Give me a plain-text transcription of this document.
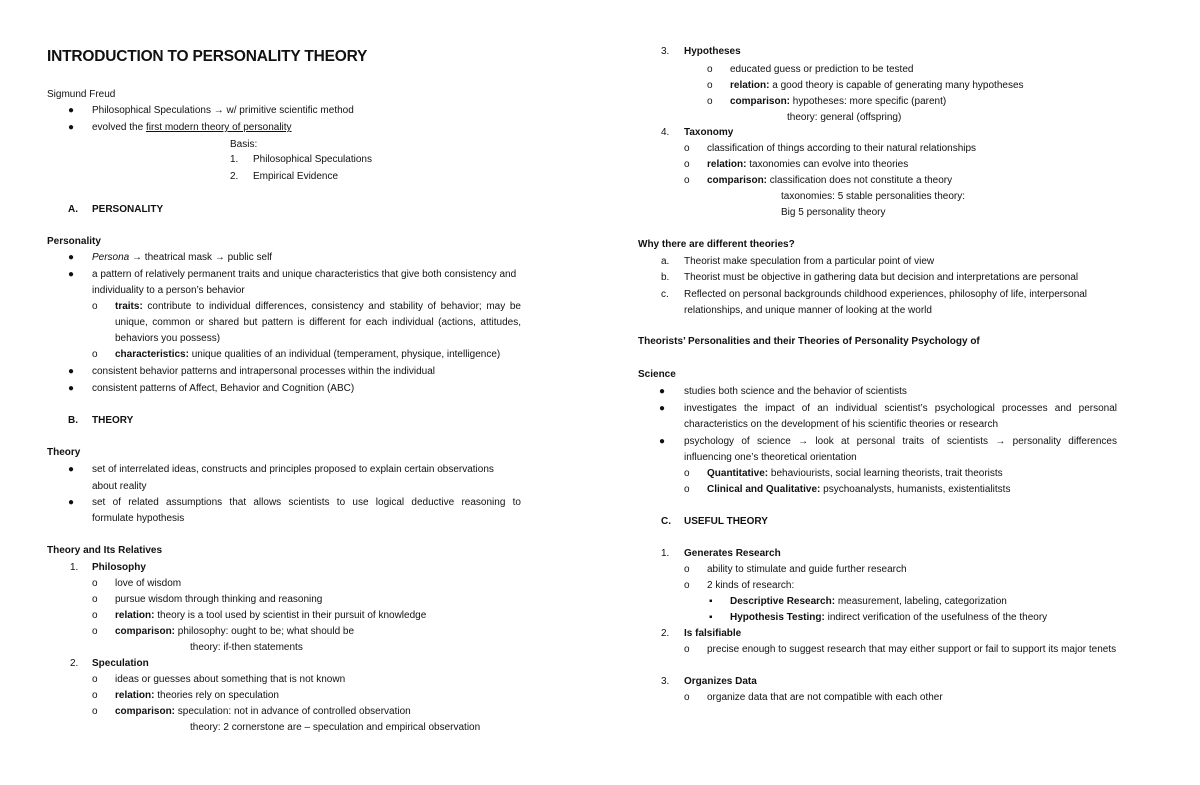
INTRODUCTION TO PERSONALITY THEORY
Sigmund Freud
● Philosophical Speculations → w/ primitive scientific method
● evolved the first modern theory of personality
Basis:
1. Philosophical Speculations
2. Empirical Evidence
A. PERSONALITY
Personality
● Persona → theatrical mask → public self
● a pattern of relatively permanent traits and unique characteristics that give both consistency and
individuality to a person’s behavior
o traits: contribute to individual differences, consistency and stability of behavior; may be
unique, common or shared but pattern is different for each individual (actions, attitudes,
behaviors you possess)
o characteristics: unique qualities of an individual (temperament, physique, intelligence)
● consistent behavior patterns and intrapersonal processes within the individual
● consistent patterns of Affect, Behavior and Cognition (ABC)
B. THEORY
Theory
● set of interrelated ideas, constructs and principles proposed to explain certain observations
about reality
● set of related assumptions that allows scientists to use logical deductive reasoning to
formulate hypothesis
Theory and Its Relatives
1. Philosophy
o love of wisdom
o pursue wisdom through thinking and reasoning
o relation: theory is a tool used by scientist in their pursuit of knowledge
o comparison: philosophy: ought to be; what should be
theory: if-then statements
2. Speculation
o ideas or guesses about something that is not known
o relation: theories rely on speculation
o comparison: speculation: not in advance of controlled observation
theory: 2 cornerstone are – speculation and empirical observation
3. Hypotheses
o educated guess or prediction to be tested
o relation: a good theory is capable of generating many hypotheses
o comparison: hypotheses: more specific (parent)
theory: general (offspring)
4. Taxonomy
o classification of things according to their natural relationships
o relation: taxonomies can evolve into theories
o comparison: classification does not constitute a theory
taxonomies: 5 stable personalities theory:
Big 5 personality theory
Why there are different theories?
a. Theorist make speculation from a particular point of view
b. Theorist must be objective in gathering data but decision and interpretations are personal
c. Reflected on personal backgrounds childhood experiences, philosophy of life, interpersonal
relationships, and unique manner of looking at the world
Theorists’ Personalities and their Theories of Personality Psychology of
Science
● studies both science and the behavior of scientists
● investigates the impact of an individual scientist’s psychological processes and personal
characteristics on the development of his scientific theories or research
● psychology of science → look at personal traits of scientists → personality differences
influencing one’s theoretical orientation
o Quantitative: behaviourists, social learning theorists, trait theorists
o Clinical and Qualitative: psychoanalysts, humanists, existentialitsts
C. USEFUL THEORY
1. Generates Research
o ability to stimulate and guide further research
o 2 kinds of research:
▪ Descriptive Research: measurement, labeling, categorization
▪ Hypothesis Testing: indirect verification of the usefulness of the theory
2. Is falsifiable
o precise enough to suggest research that may either support or fail to support its major tenets
3. Organizes Data
o organize data that are not compatible with each other
